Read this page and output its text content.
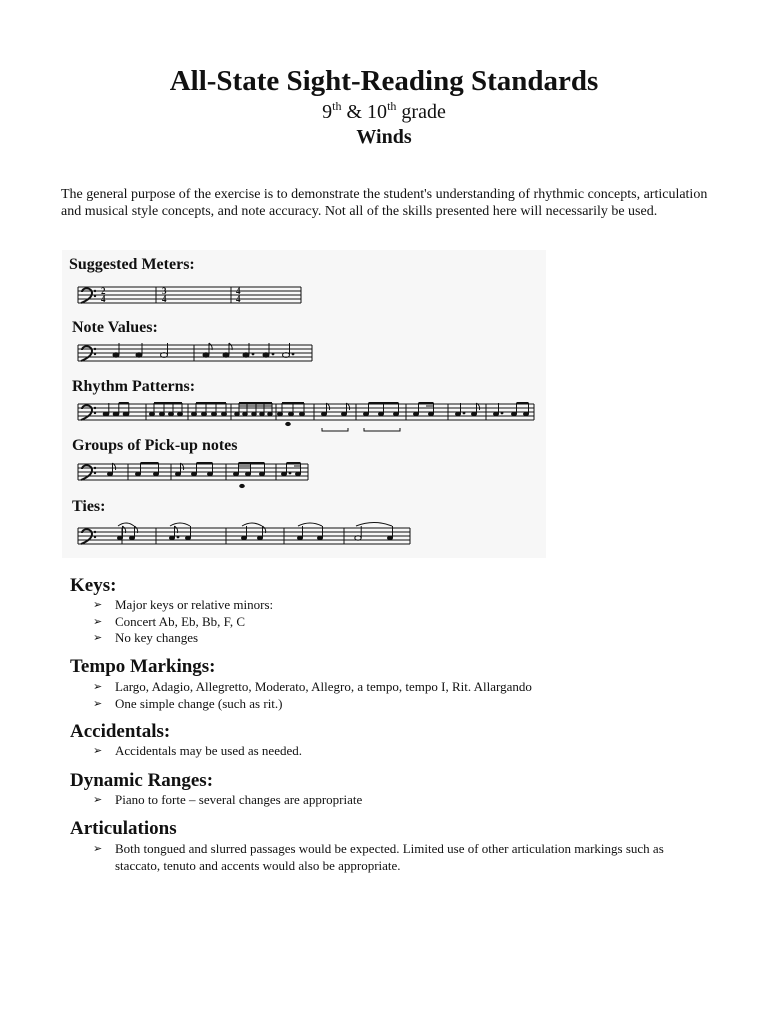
All-State Sight-Reading Standards
9th & 10th grade
Winds

The general purpose of the exercise is to demonstrate the student's understanding of rhythmic concepts, articulation and musical style concepts, and note accuracy. Not all of the skills presented here will necessarily be used.

Suggested Meters:
2
4
3
4
4
4
Note Values:
Rhythm Patterns:
Groups of Pick-up notes
Ties:
Keys:
➢ Major keys or relative minors:
➢ Concert Ab, Eb, Bb, F, C
➢ No key changes
Tempo Markings:
➢ Largo, Adagio, Allegretto, Moderato, Allegro, a tempo, tempo I, Rit. Allargando
➢ One simple change (such as rit.)
Accidentals:
➢ Accidentals may be used as needed.
Dynamic Ranges:
➢ Piano to forte – several changes are appropriate
Articulations
➢ Both tongued and slurred passages would be expected. Limited use of other articulation markings such as staccato, tenuto and accents would also be appropriate.
